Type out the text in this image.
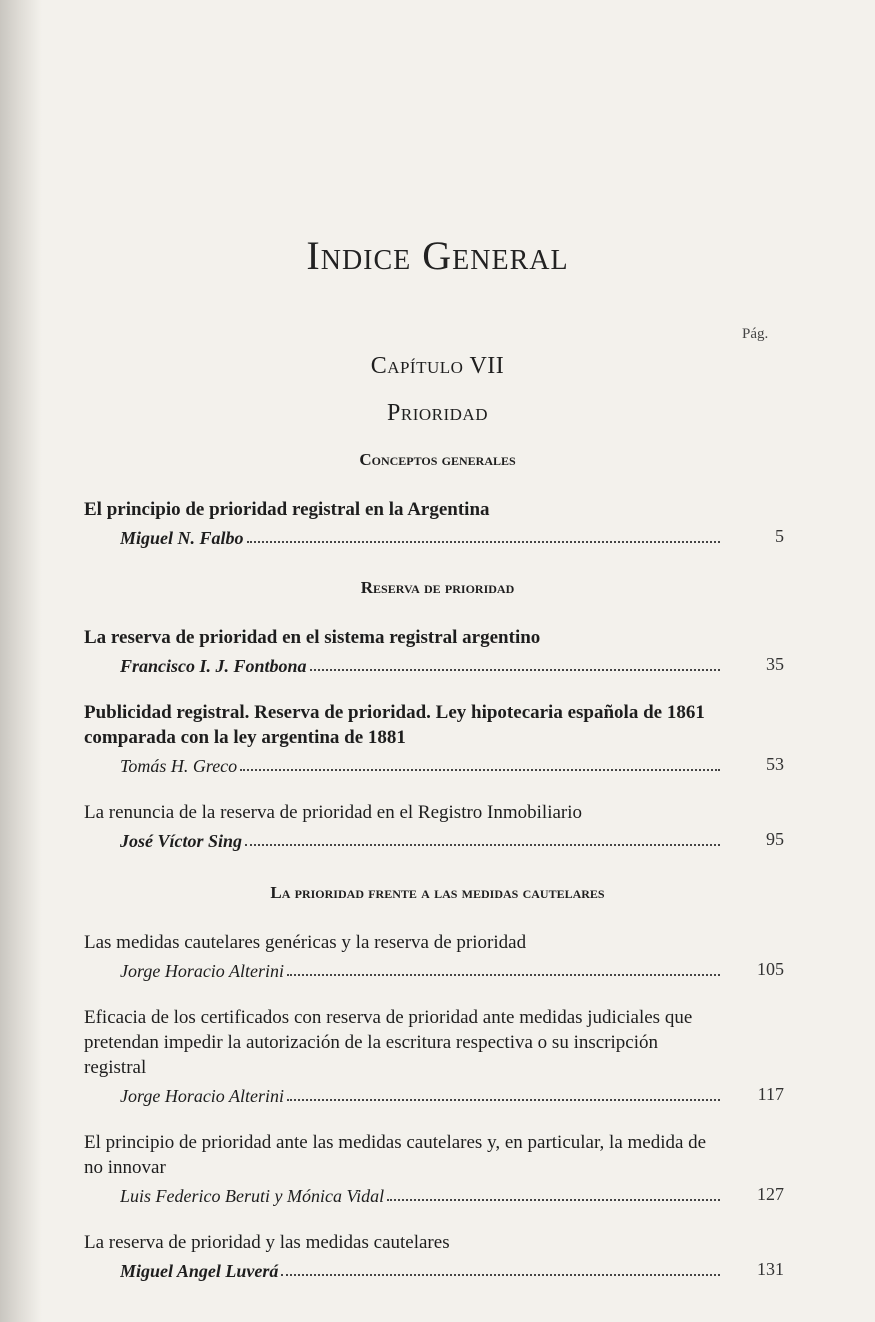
Indice General
Pág.
Capítulo VII
Prioridad
Conceptos generales
El principio de prioridad registral en la Argentina
Miguel N. Falbo	5
Reserva de prioridad
La reserva de prioridad en el sistema registral argentino
Francisco I. J. Fontbona	35
Publicidad registral. Reserva de prioridad. Ley hipotecaria española de 1861 comparada con la ley argentina de 1881
Tomás H. Greco	53
La renuncia de la reserva de prioridad en el Registro Inmobiliario
José Víctor Sing	95
La prioridad frente a las medidas cautelares
Las medidas cautelares genéricas y la reserva de prioridad
Jorge Horacio Alterini	105
Eficacia de los certificados con reserva de prioridad ante medidas judiciales que pretendan impedir la autorización de la escritura respectiva o su inscripción registral
Jorge Horacio Alterini	117
El principio de prioridad ante las medidas cautelares y, en particular, la medida de no innovar
Luis Federico Beruti y Mónica Vidal	127
La reserva de prioridad y las medidas cautelares
Miguel Angel Luverá	131
